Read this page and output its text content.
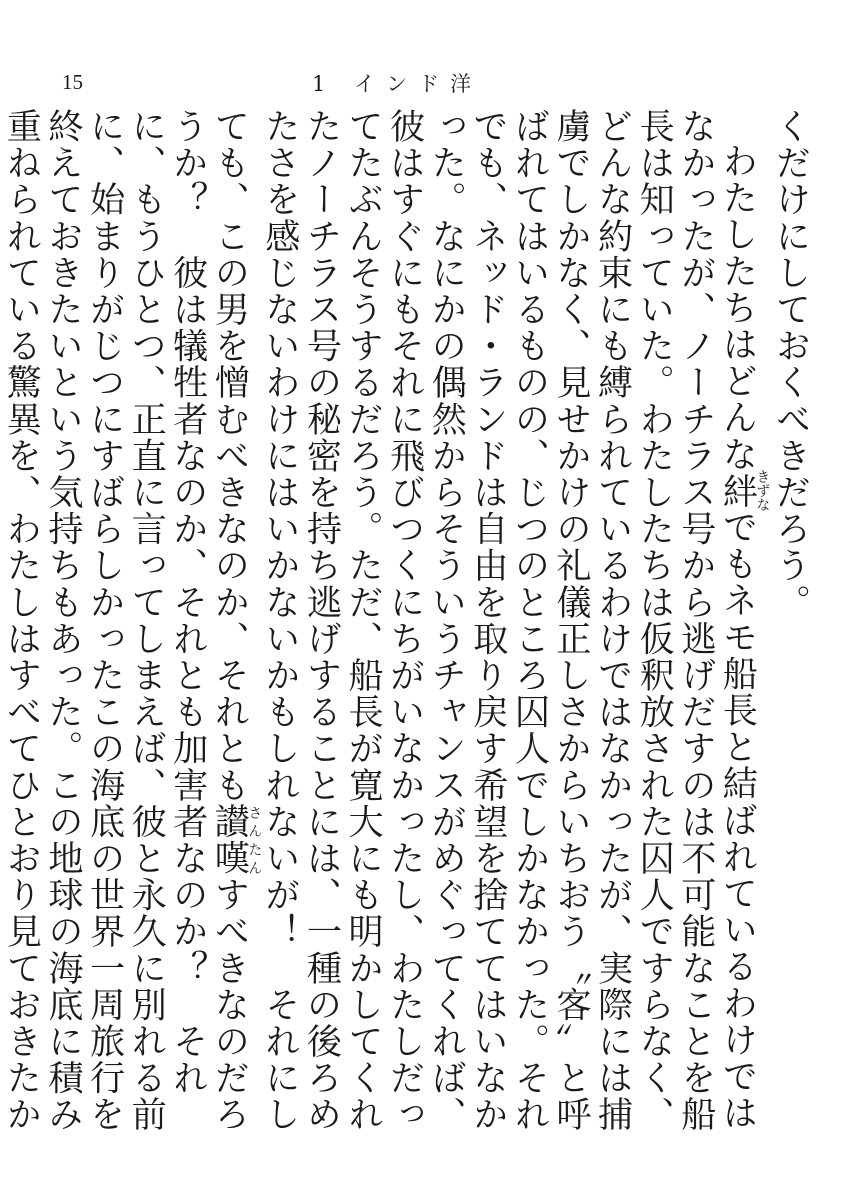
15	1 インド洋

くだけにしておくべきだろう。

わたしたちはどんな絆きずなでもネモ船長と結ばれているわけではなかったが、ノーチラス号から逃げだすのは不可能なことを船長は知っていた。わたしたちは仮釈放された囚人ですらなく、どんな約束にも縛られているわけではなかったが、実際には捕虜でしかなく、見せかけの礼儀正しさからいちおう〝客〟と呼ばれてはいるものの、じつのところ囚人でしかなかった。それでも、ネッド・ランドは自由を取り戻す希望を捨ててはいなかった。なにかの偶然からそういうチャンスがめぐってくれば、彼はすぐにもそれに飛びつくにちがいなかったし、わたしだってたぶんそうするだろう。ただ、船長が寛大にも明かしてくれたノーチラス号の秘密を持ち逃げすることには、一種の後ろめたさを感じないわけにはいかないかもしれないが！　それにしても、この男を憎むべきなのか、それとも讃嘆さんたんすべきなのだろうか？　彼は犠牲者なのか、それとも加害者なのか？　それに、もうひとつ、正直に言ってしまえば、彼と永久に別れる前に、始まりがじつにすばらしかったこの海底の世界一周旅行を終えておきたいという気持ちもあった。この地球の海底に積み重ねられている驚異を、わたしはすべてひとおり見ておきたか
